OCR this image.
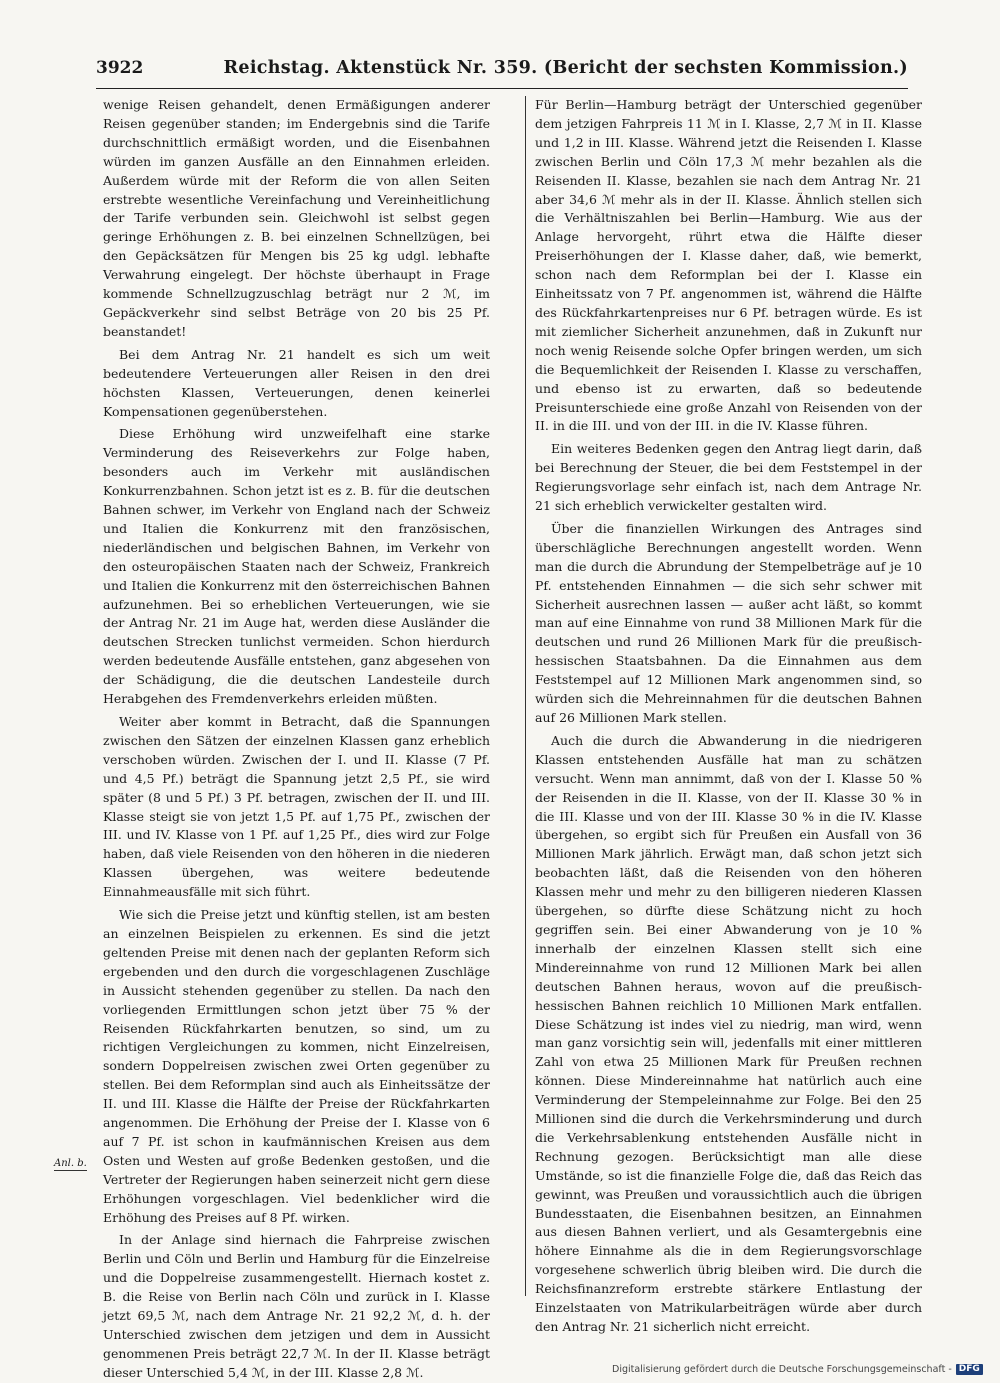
3922	Reichstag. Aktenstück Nr. 359. (Bericht der sechsten Kommission.)

wenige Reisen gehandelt, denen Ermäßigungen anderer Reisen gegenüber standen; im Endergebnis sind die Tarife durchschnittlich ermäßigt worden, und die Eisenbahnen würden im ganzen Ausfälle an den Einnahmen erleiden. Außerdem würde mit der Reform die von allen Seiten erstrebte wesentliche Vereinfachung und Vereinheitlichung der Tarife verbunden sein. Gleichwohl ist selbst gegen geringe Erhöhungen z. B. bei einzelnen Schnellzügen, bei den Gepäcksätzen für Mengen bis 25 kg udgl. lebhafte Verwahrung eingelegt. Der höchste überhaupt in Frage kommende Schnellzugzuschlag beträgt nur 2 ℳ, im Gepäckverkehr sind selbst Beträge von 20 bis 25 Pf. beanstandet!

Bei dem Antrag Nr. 21 handelt es sich um weit bedeutendere Verteuerungen aller Reisen in den drei höchsten Klassen, Verteuerungen, denen keinerlei Kompensationen gegenüberstehen.

Diese Erhöhung wird unzweifelhaft eine starke Verminderung des Reiseverkehrs zur Folge haben, besonders auch im Verkehr mit ausländischen Konkurrenzbahnen. Schon jetzt ist es z. B. für die deutschen Bahnen schwer, im Verkehr von England nach der Schweiz und Italien die Konkurrenz mit den französischen, niederländischen und belgischen Bahnen, im Verkehr von den osteuropäischen Staaten nach der Schweiz, Frankreich und Italien die Konkurrenz mit den österreichischen Bahnen aufzunehmen. Bei so erheblichen Verteuerungen, wie sie der Antrag Nr. 21 im Auge hat, werden diese Ausländer die deutschen Strecken tunlichst vermeiden. Schon hierdurch werden bedeutende Ausfälle entstehen, ganz abgesehen von der Schädigung, die die deutschen Landesteile durch Herabgehen des Fremdenverkehrs erleiden müßten.

Weiter aber kommt in Betracht, daß die Spannungen zwischen den Sätzen der einzelnen Klassen ganz erheblich verschoben würden. Zwischen der I. und II. Klasse (7 Pf. und 4,5 Pf.) beträgt die Spannung jetzt 2,5 Pf., sie wird später (8 und 5 Pf.) 3 Pf. betragen, zwischen der II. und III. Klasse steigt sie von jetzt 1,5 Pf. auf 1,75 Pf., zwischen der III. und IV. Klasse von 1 Pf. auf 1,25 Pf., dies wird zur Folge haben, daß viele Reisenden von den höheren in die niederen Klassen übergehen, was weitere bedeutende Einnahmeausfälle mit sich führt.

Wie sich die Preise jetzt und künftig stellen, ist am besten an einzelnen Beispielen zu erkennen. Es sind die jetzt geltenden Preise mit denen nach der geplanten Reform sich ergebenden und den durch die vorgeschlagenen Zuschläge in Aussicht stehenden gegenüber zu stellen. Da nach den vorliegenden Ermittlungen schon jetzt über 75 % der Reisenden Rückfahrkarten benutzen, so sind, um zu richtigen Vergleichungen zu kommen, nicht Einzelreisen, sondern Doppelreisen zwischen zwei Orten gegenüber zu stellen. Bei dem Reformplan sind auch als Einheitssätze der II. und III. Klasse die Hälfte der Preise der Rückfahrkarten angenommen. Die Erhöhung der Preise der I. Klasse von 6 auf 7 Pf. ist schon in kaufmännischen Kreisen aus dem Osten und Westen auf große Bedenken gestoßen, und die Vertreter der Regierungen haben seinerzeit nicht gern diese Erhöhungen vorgeschlagen. Viel bedenklicher wird die Erhöhung des Preises auf 8 Pf. wirken.

In der Anlage sind hiernach die Fahrpreise zwischen Berlin und Cöln und Berlin und Hamburg für die Einzelreise und die Doppelreise zusammengestellt. Hiernach kostet z. B. die Reise von Berlin nach Cöln und zurück in I. Klasse jetzt 69,5 ℳ, nach dem Antrage Nr. 21 92,2 ℳ, d. h. der Unterschied zwischen dem jetzigen und dem in Aussicht genommenen Preis beträgt 22,7 ℳ. In der II. Klasse beträgt dieser Unterschied 5,4 ℳ, in der III. Klasse 2,8 ℳ.

Für Berlin—Hamburg beträgt der Unterschied gegenüber dem jetzigen Fahrpreis 11 ℳ in I. Klasse, 2,7 ℳ in II. Klasse und 1,2 in III. Klasse. Während jetzt die Reisenden I. Klasse zwischen Berlin und Cöln 17,3 ℳ mehr bezahlen als die Reisenden II. Klasse, bezahlen sie nach dem Antrag Nr. 21 aber 34,6 ℳ mehr als in der II. Klasse. Ähnlich stellen sich die Verhältniszahlen bei Berlin—Hamburg. Wie aus der Anlage hervorgeht, rührt etwa die Hälfte dieser Preiserhöhungen der I. Klasse daher, daß, wie bemerkt, schon nach dem Reformplan bei der I. Klasse ein Einheitssatz von 7 Pf. angenommen ist, während die Hälfte des Rückfahrkartenpreises nur 6 Pf. betragen würde. Es ist mit ziemlicher Sicherheit anzunehmen, daß in Zukunft nur noch wenig Reisende solche Opfer bringen werden, um sich die Bequemlichkeit der Reisenden I. Klasse zu verschaffen, und ebenso ist zu erwarten, daß so bedeutende Preisunterschiede eine große Anzahl von Reisenden von der II. in die III. und von der III. in die IV. Klasse führen.

Ein weiteres Bedenken gegen den Antrag liegt darin, daß bei Berechnung der Steuer, die bei dem Feststempel in der Regierungsvorlage sehr einfach ist, nach dem Antrage Nr. 21 sich erheblich verwickelter gestalten wird.

Über die finanziellen Wirkungen des Antrages sind überschlägliche Berechnungen angestellt worden. Wenn man die durch die Abrundung der Stempelbeträge auf je 10 Pf. entstehenden Einnahmen — die sich sehr schwer mit Sicherheit ausrechnen lassen — außer acht läßt, so kommt man auf eine Einnahme von rund 38 Millionen Mark für die deutschen und rund 26 Millionen Mark für die preußisch-hessischen Staatsbahnen. Da die Einnahmen aus dem Feststempel auf 12 Millionen Mark angenommen sind, so würden sich die Mehreinnahmen für die deutschen Bahnen auf 26 Millionen Mark stellen.

Auch die durch die Abwanderung in die niedrigeren Klassen entstehenden Ausfälle hat man zu schätzen versucht. Wenn man annimmt, daß von der I. Klasse 50 % der Reisenden in die II. Klasse, von der II. Klasse 30 % in die III. Klasse und von der III. Klasse 30 % in die IV. Klasse übergehen, so ergibt sich für Preußen ein Ausfall von 36 Millionen Mark jährlich. Erwägt man, daß schon jetzt sich beobachten läßt, daß die Reisenden von den höheren Klassen mehr und mehr zu den billigeren niederen Klassen übergehen, so dürfte diese Schätzung nicht zu hoch gegriffen sein. Bei einer Abwanderung von je 10 % innerhalb der einzelnen Klassen stellt sich eine Mindereinnahme von rund 12 Millionen Mark bei allen deutschen Bahnen heraus, wovon auf die preußisch-hessischen Bahnen reichlich 10 Millionen Mark entfallen. Diese Schätzung ist indes viel zu niedrig, man wird, wenn man ganz vorsichtig sein will, jedenfalls mit einer mittleren Zahl von etwa 25 Millionen Mark für Preußen rechnen können. Diese Mindereinnahme hat natürlich auch eine Verminderung der Stempeleinnahme zur Folge. Bei den 25 Millionen sind die durch die Verkehrsminderung und durch die Verkehrsablenkung entstehenden Ausfälle nicht in Rechnung gezogen. Berücksichtigt man alle diese Umstände, so ist die finanzielle Folge die, daß das Reich das gewinnt, was Preußen und voraussichtlich auch die übrigen Bundesstaaten, die Eisenbahnen besitzen, an Einnahmen aus diesen Bahnen verliert, und als Gesamtergebnis eine höhere Einnahme als die in dem Regierungsvorschlage vorgesehene schwerlich übrig bleiben wird. Die durch die Reichsfinanzreform erstrebte stärkere Entlastung der Einzelstaaten von Matrikularbeiträgen würde aber durch den Antrag Nr. 21 sicherlich nicht erreicht.

Anl. b.
Digitalisierung gefördert durch die Deutsche Forschungsgemeinschaft - DFG
